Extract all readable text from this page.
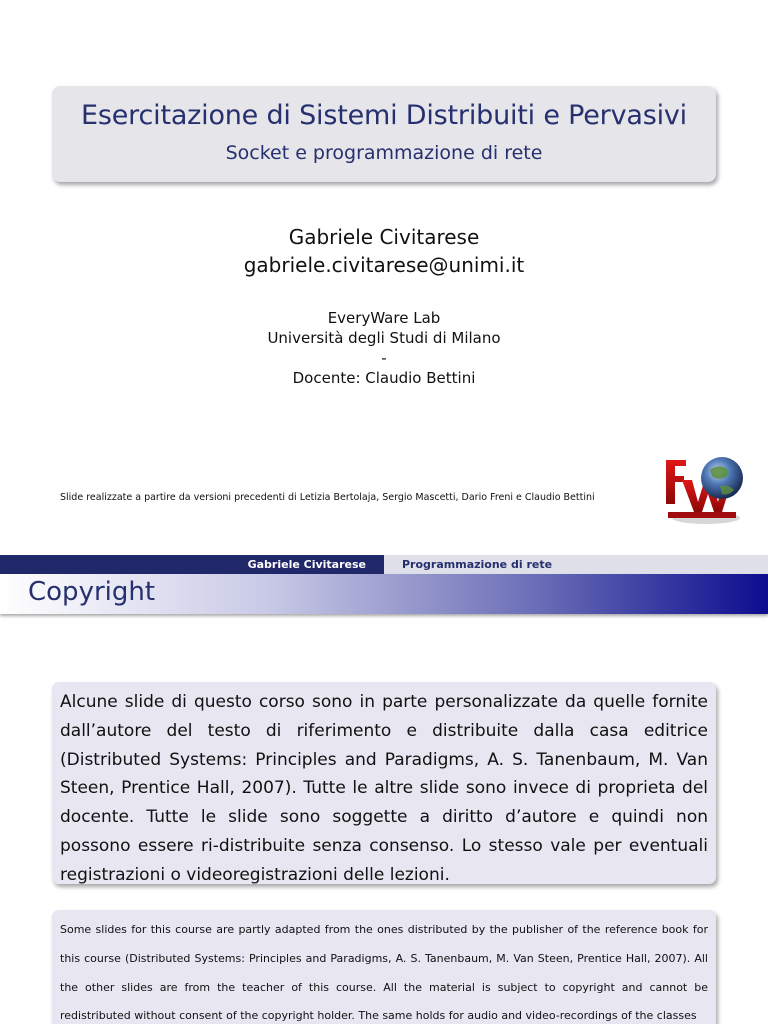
Esercitazione di Sistemi Distribuiti e Pervasivi
Socket e programmazione di rete
Gabriele Civitarese
gabriele.civitarese@unimi.it
EveryWare Lab
Università degli Studi di Milano
-
Docente: Claudio Bettini
Slide realizzate a partire da versioni precedenti di Letizia Bertolaja, Sergio Mascetti, Dario Freni e Claudio Bettini
Gabriele Civitarese	Programmazione di rete
Copyright
Alcune slide di questo corso sono in parte personalizzate da quelle fornite dall’autore del testo di riferimento e distribuite dalla casa editrice (Distributed Systems: Principles and Paradigms, A. S. Tanenbaum, M. Van Steen, Prentice Hall, 2007). Tutte le altre slide sono invece di proprieta del docente. Tutte le slide sono soggette a diritto d’autore e quindi non possono essere ri-distribuite senza consenso. Lo stesso vale per eventuali registrazioni o videoregistrazioni delle lezioni.
Some slides for this course are partly adapted from the ones distributed by the publisher of the reference book for this course (Distributed Systems: Principles and Paradigms, A. S. Tanenbaum, M. Van Steen, Prentice Hall, 2007). All the other slides are from the teacher of this course. All the material is subject to copyright and cannot be redistributed without consent of the copyright holder. The same holds for audio and video-recordings of the classes
